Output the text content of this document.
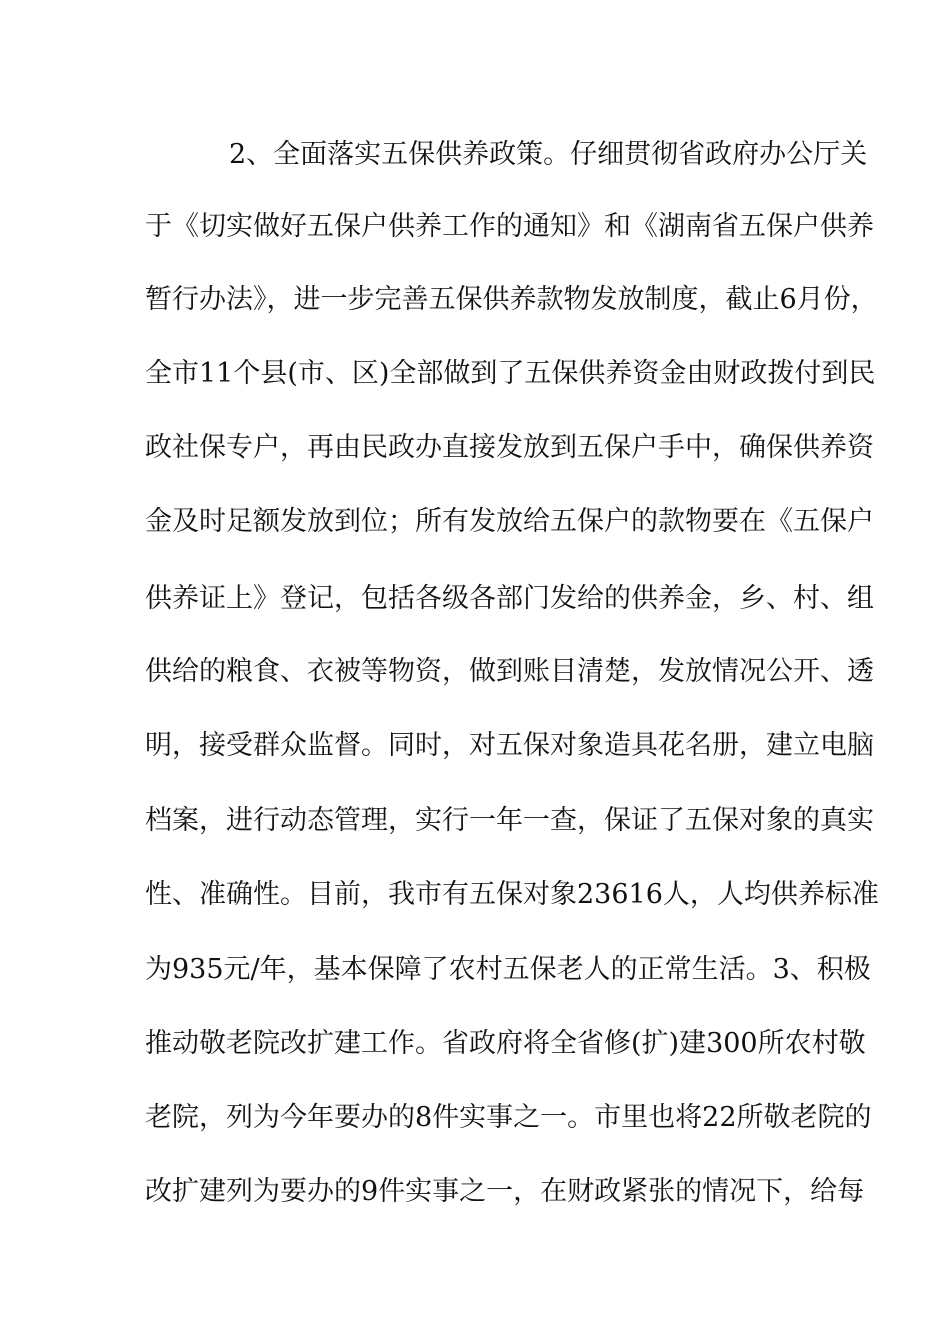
2、全面落实五保供养政策。仔细贯彻省政府办公厅关
于《切实做好五保户供养工作的通知》和《湖南省五保户供养
暂行办法》，进一步完善五保供养款物发放制度，截止6月份，
全市11个县(市、区)全部做到了五保供养资金由财政拨付到民
政社保专户，再由民政办直接发放到五保户手中，确保供养资
金及时足额发放到位；所有发放给五保户的款物要在《五保户
供养证上》登记，包括各级各部门发给的供养金，乡、村、组
供给的粮食、衣被等物资，做到账目清楚，发放情况公开、透
明，接受群众监督。同时，对五保对象造具花名册，建立电脑
档案，进行动态管理，实行一年一查，保证了五保对象的真实
性、准确性。目前，我市有五保对象23616人，人均供养标准
为935元/年，基本保障了农村五保老人的正常生活。3、积极
推动敬老院改扩建工作。省政府将全省修(扩)建300所农村敬
老院，列为今年要办的8件实事之一。市里也将22所敬老院的
改扩建列为要办的9件实事之一，在财政紧张的情况下，给每
